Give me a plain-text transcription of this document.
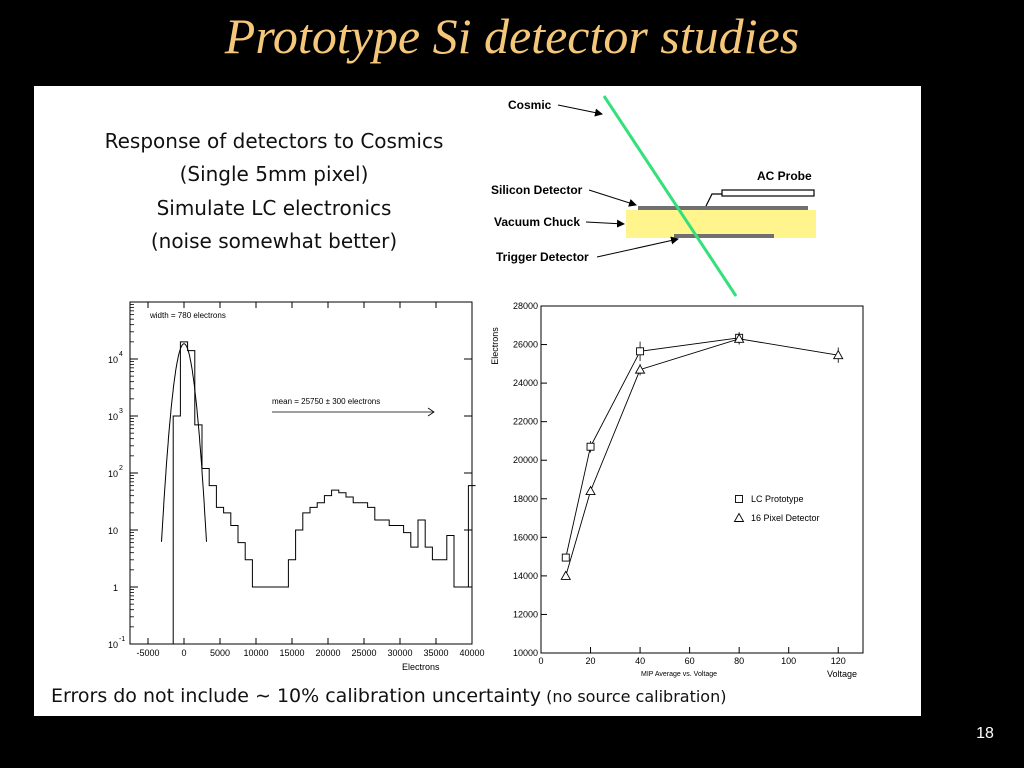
Prototype Si detector studies
Response of detectors to Cosmics
(Single 5mm pixel)
Simulate LC electronics
(noise somewhat better)
Cosmic
AC Probe
Silicon Detector
Vacuum Chuck
Trigger Detector
-5000 0	5000 10000 15000 20000 25000 30000 35000 40000
10
-1
1
10
10
2
10
3
10
4
Electrons
width = 780 electrons
mean = 25750 ± 300 electrons
0	20	40	60	80	100	120
10000
12000
14000
16000
18000
20000
22000
24000
26000
28000
Voltage
MIP Average vs. Voltage
Electrons
LC Prototype
16 Pixel Detector
Errors do not include ∼ 10% calibration uncertainty (no source calibration)
18
